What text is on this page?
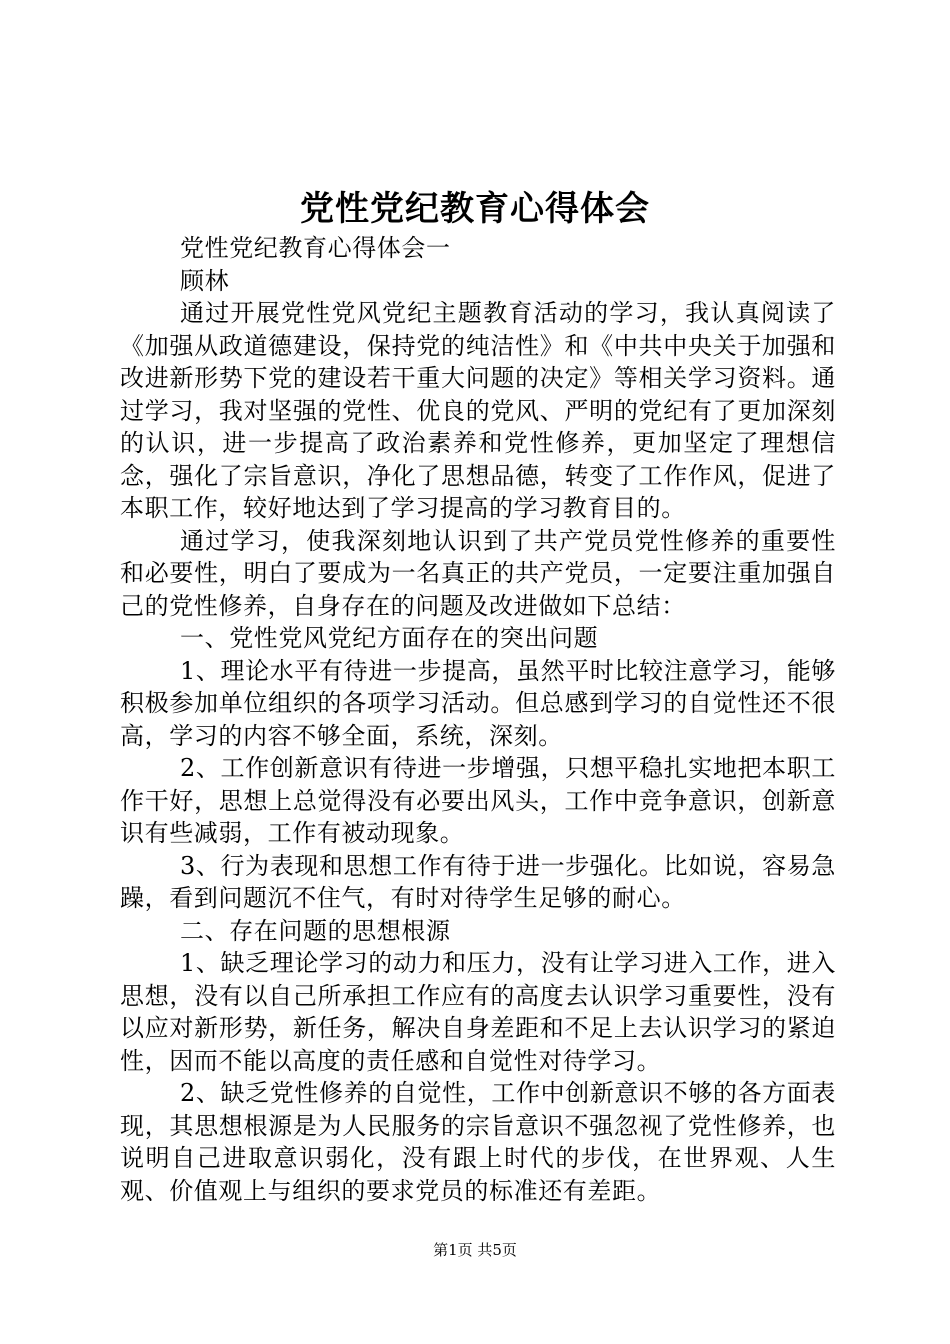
党性党纪教育心得体会

党性党纪教育心得体会一

顾林

通过开展党性党风党纪主题教育活动的学习，我认真阅读了《加强从政道德建设，保持党的纯洁性》和《中共中央关于加强和改进新形势下党的建设若干重大问题的决定》等相关学习资料。通过学习，我对坚强的党性、优良的党风、严明的党纪有了更加深刻的认识，进一步提高了政治素养和党性修养，更加坚定了理想信念，强化了宗旨意识，净化了思想品德，转变了工作作风，促进了本职工作，较好地达到了学习提高的学习教育目的。

通过学习，使我深刻地认识到了共产党员党性修养的重要性和必要性，明白了要成为一名真正的共产党员，一定要注重加强自己的党性修养，自身存在的问题及改进做如下总结：

一、党性党风党纪方面存在的突出问题

1、理论水平有待进一步提高，虽然平时比较注意学习，能够积极参加单位组织的各项学习活动。但总感到学习的自觉性还不很高，学习的内容不够全面，系统，深刻。

2、工作创新意识有待进一步增强，只想平稳扎实地把本职工作干好，思想上总觉得没有必要出风头，工作中竞争意识，创新意识有些减弱，工作有被动现象。

3、行为表现和思想工作有待于进一步强化。比如说，容易急躁，看到问题沉不住气，有时对待学生足够的耐心。

二、存在问题的思想根源

1、缺乏理论学习的动力和压力，没有让学习进入工作，进入思想，没有以自己所承担工作应有的高度去认识学习重要性，没有以应对新形势，新任务，解决自身差距和不足上去认识学习的紧迫性，因而不能以高度的责任感和自觉性对待学习。

2、缺乏党性修养的自觉性，工作中创新意识不够的各方面表现，其思想根源是为人民服务的宗旨意识不强忽视了党性修养，也说明自己进取意识弱化，没有跟上时代的步伐，在世界观、人生观、价值观上与组织的要求党员的标准还有差距。

第1页 共5页
